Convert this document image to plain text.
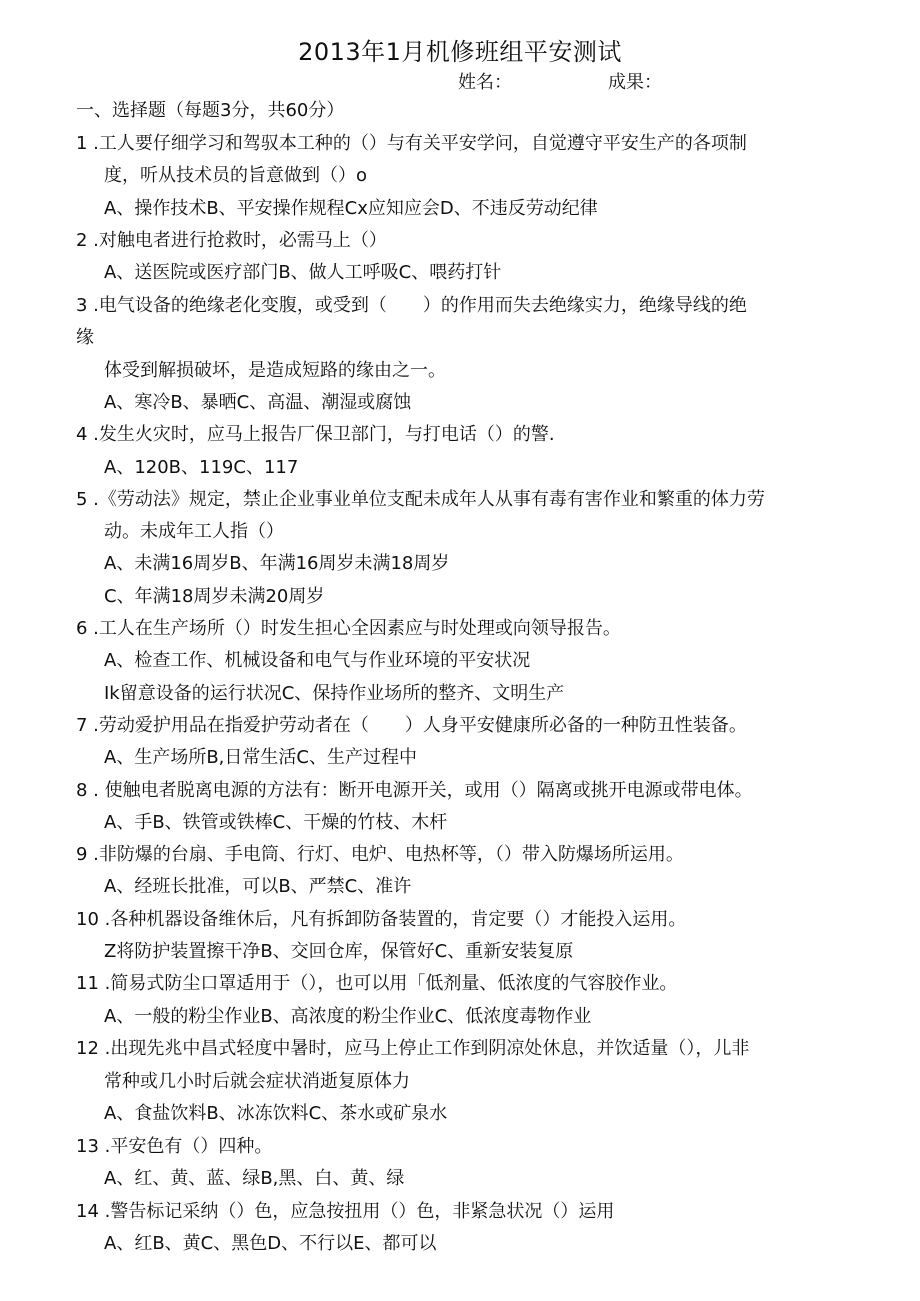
2013年1月机修班组平安测试
姓名：	成果：
一、选择题（每题3分，共60分）
1 .工人要仔细学习和驾驭本工种的（）与有关平安学问，自觉遵守平安生产的各项制
度，听从技术员的旨意做到（）o
A、操作技术B、平安操作规程Cx应知应会D、不违反劳动纪律
2 .对触电者进行抢救时，必需马上（）
A、送医院或医疗部门B、做人工呼吸C、喂药打针
3 .电气设备的绝缘老化变腹，或受到（　　）的作用而失去绝缘实力，绝缘导线的绝
缘
体受到解损破坏，是造成短路的缘由之一。
A、寒冷B、暴晒C、高温、潮湿或腐蚀
4 .发生火灾时，应马上报告厂保卫部门，与打电话（）的警.
A、120B、119C、117
5 .《劳动法》规定，禁止企业事业单位支配未成年人从事有毒有害作业和繁重的体力劳
动。未成年工人指（）
A、未满16周岁B、年满16周岁未满18周岁
C、年满18周岁未满20周岁
6 .工人在生产场所（）时发生担心全因素应与时处理或向领导报告。
A、检查工作、机械设备和电气与作业环境的平安状况
Ik留意设备的运行状况C、保持作业场所的整齐、文明生产
7 .劳动爱护用品在指爱护劳动者在（　　）人身平安健康所必备的一种防丑性装备。
A、生产场所B,日常生活C、生产过程中
8 . 使触电者脱离电源的方法有：断开电源开关，或用（）隔离或挑开电源或带电体。
A、手B、铁管或铁棒C、干燥的竹枝、木杆
9 .非防爆的台扇、手电筒、行灯、电炉、电热杯等，（）带入防爆场所运用。
A、经班长批准，可以B、严禁C、准许
10 .各种机器设备维休后，凡有拆卸防备装置的，肯定要（）才能投入运用。
Z将防护装置擦干净B、交回仓库，保管好C、重新安装复原
11 .简易式防尘口罩适用于（），也可以用「低剂量、低浓度的气容胶作业。
A、一般的粉尘作业B、高浓度的粉尘作业C、低浓度毒物作业
12 .出现先兆中昌式轻度中暑时，应马上停止工作到阴凉处休息，并饮适量（），儿非
常种或几小时后就会症状消逝复原体力
A、食盐饮料B、冰冻饮料C、茶水或矿泉水
13 .平安色有（）四种。
A、红、黄、蓝、绿B,黑、白、黄、绿
14 .警告标记采纳（）色，应急按扭用（）色，非紧急状况（）运用
A、红B、黄C、黑色D、不行以E、都可以
